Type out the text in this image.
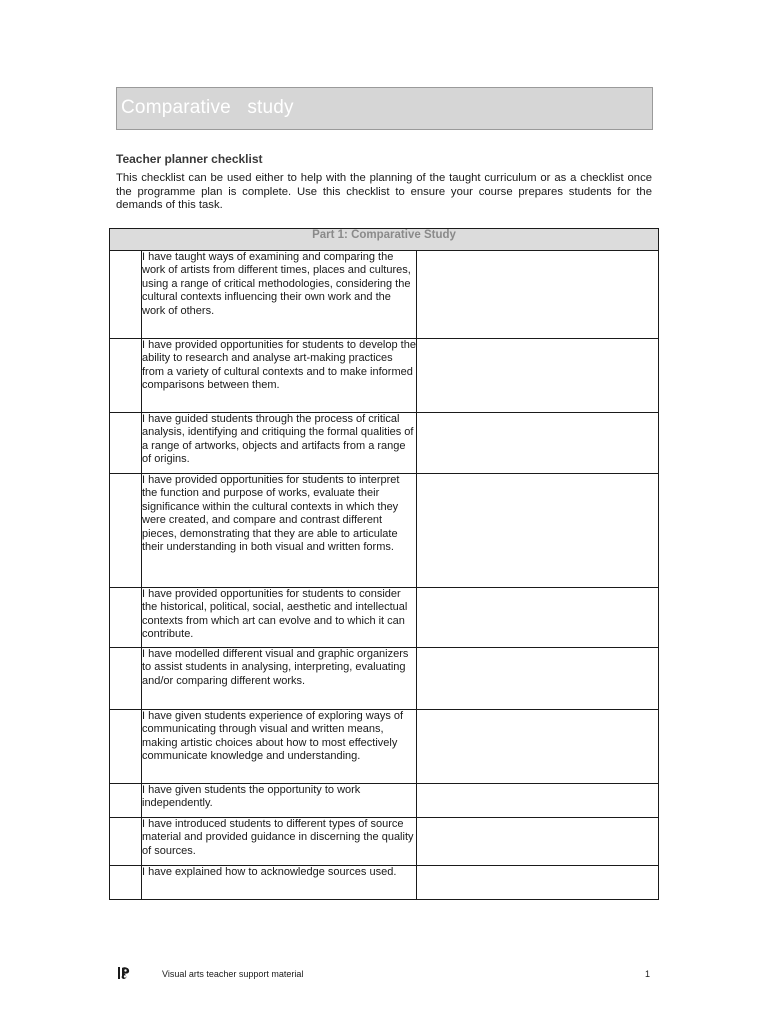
Comparative   study
Teacher planner checklist
This checklist can be used either to help with the planning of the taught curriculum or as a checklist once the programme plan is complete. Use this checklist to ensure your course prepares students for the demands of this task.
Part 1: Comparative Study		
	I have taught ways of examining and comparing the work of artists from different times, places and cultures, using a range of critical methodologies, considering the cultural contexts influencing their own work and the work of others.	
	I have provided opportunities for students to develop the ability to research and analyse art-making practices from a variety of cultural contexts and to make informed comparisons between them.	
	I have guided students through the process of critical analysis, identifying and critiquing the formal qualities of a range of artworks, objects and artifacts from a range of origins.	
	I have provided opportunities for students to interpret the function and purpose of works, evaluate their significance within the cultural contexts in which they were created, and compare and contrast different pieces, demonstrating that they are able to articulate their understanding in both visual and written forms.	
	I have provided opportunities for students to consider the historical, political, social, aesthetic and intellectual contexts from which art can evolve and to which it can contribute.	
	I have modelled different visual and graphic organizers to assist students in analysing, interpreting, evaluating and/or comparing different works.	
	I have given students experience of exploring ways of communicating through visual and written means, making artistic choices about how to most effectively communicate knowledge and understanding.	
	I have given students the opportunity to work independently.	
	I have introduced students to different types of source material and provided guidance in discerning the quality of sources.	
	I have explained how to acknowledge sources used.	
Visual arts teacher support material	1
